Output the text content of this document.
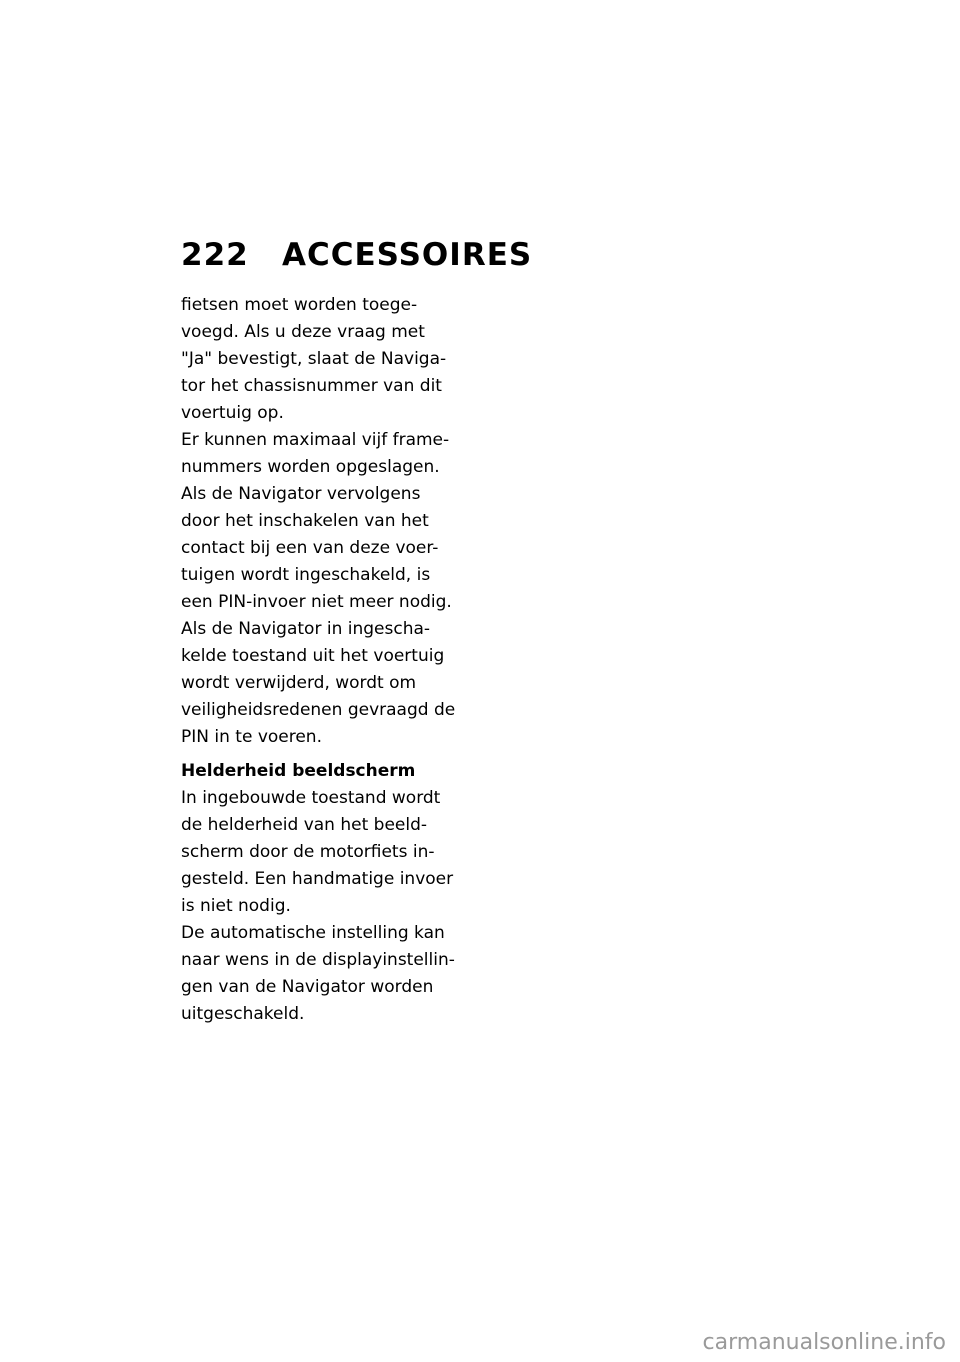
222	ACCESSOIRES
fietsen moet worden toege-
voegd. Als u deze vraag met
"Ja" bevestigt, slaat de Naviga-
tor het chassisnummer van dit
voertuig op.
Er kunnen maximaal vijf frame-
nummers worden opgeslagen.
Als de Navigator vervolgens
door het inschakelen van het
contact bij een van deze voer-
tuigen wordt ingeschakeld, is
een PIN-invoer niet meer nodig.
Als de Navigator in ingescha-
kelde toestand uit het voertuig
wordt verwijderd, wordt om
veiligheidsredenen gevraagd de
PIN in te voeren.
Helderheid beeldscherm
In ingebouwde toestand wordt
de helderheid van het beeld-
scherm door de motorfiets in-
gesteld. Een handmatige invoer
is niet nodig.
De automatische instelling kan
naar wens in de displayinstellin-
gen van de Navigator worden
uitgeschakeld.
carmanualsonline.info
